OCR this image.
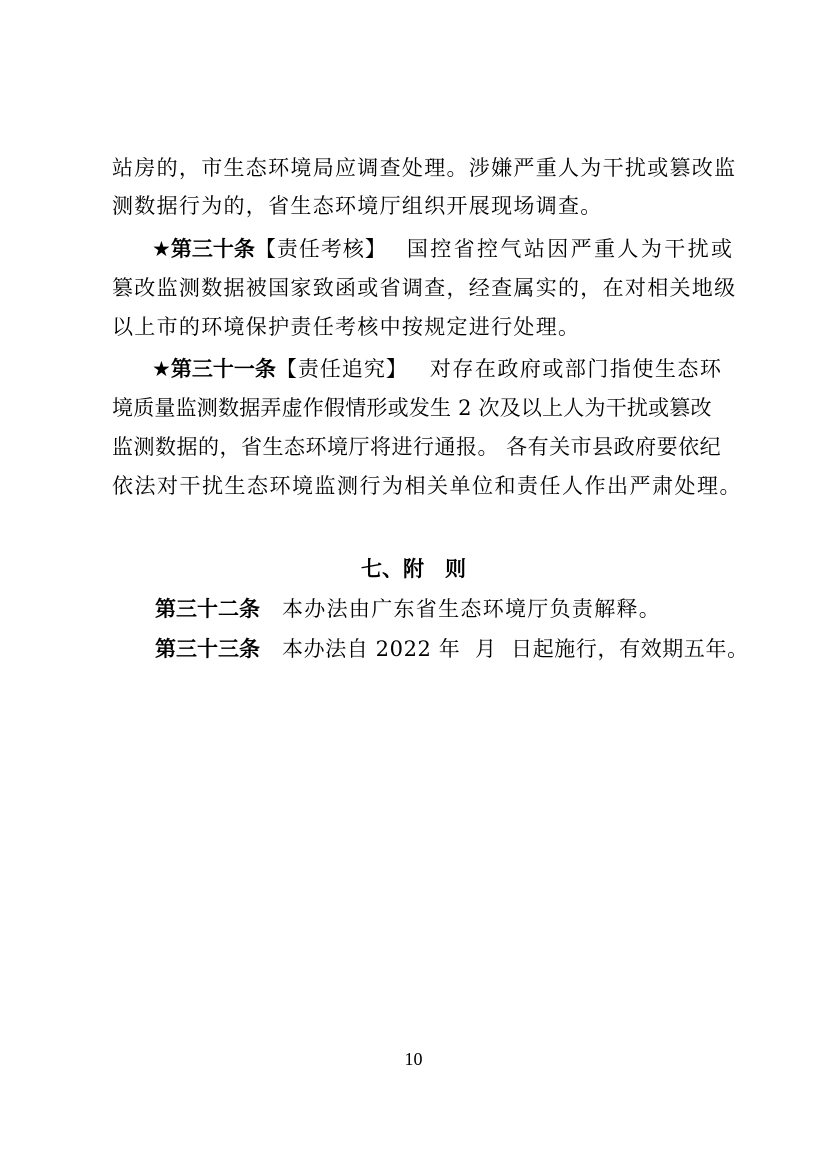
站房的，市生态环境局应调查处理。涉嫌严重人为干扰或篡改监
测数据行为的，省生态环境厅组织开展现场调查。
★第三十条【责任考核】 国控省控气站因严重人为干扰或
篡改监测数据被国家致函或省调查，经查属实的，在对相关地级
以上市的环境保护责任考核中按规定进行处理。
★第三十一条【责任追究】 对存在政府或部门指使生态环
境质量监测数据弄虚作假情形或发生 2 次及以上人为干扰或篡改
监测数据的，省生态环境厅将进行通报。 各有关市县政府要依纪
依法对干扰生态环境监测行为相关单位和责任人作出严肃处理。
七、附　则
第三十二条 本办法由广东省生态环境厅负责解释。
第三十三条 本办法自 2022 年  月  日起施行，有效期五年。
10
